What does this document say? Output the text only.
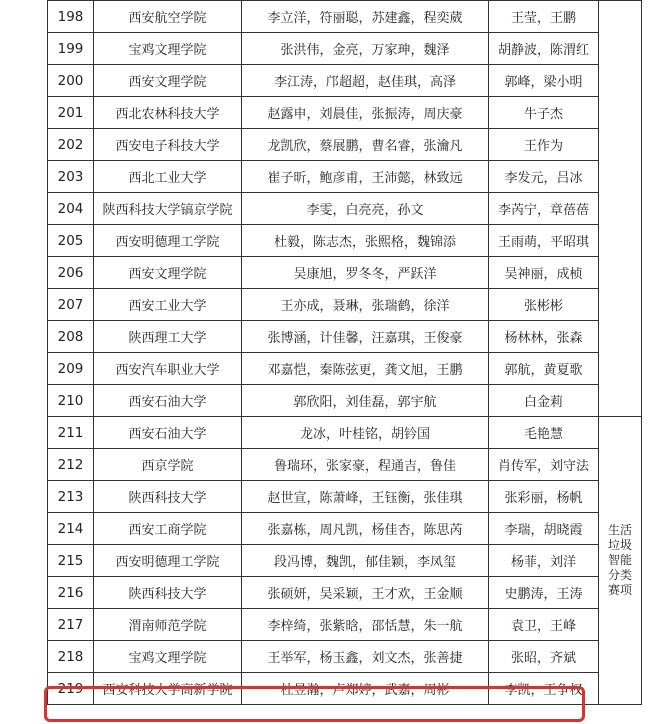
198	西安航空学院	李立洋，符丽聪，苏建鑫，程奕葳	王莹，王鹏	
199	宝鸡文理学院	张洪伟，金亮，万家珅，魏泽	胡静波，陈渭红	
200	西安文理学院	李江涛，邝超超，赵佳琪，高泽	郭峰，梁小明	
201	西北农林科技大学	赵露申，刘晨佳，张振涛，周庆豪	牛子杰	
202	西安电子科技大学	龙凯欣，蔡展鹏，曹名睿，张瀹凡	王作为	
203	西北工业大学	崔子昕，鲍彦甫，王沛懿，林致远	李发元，吕冰	
204	陕西科技大学镐京学院	李雯，白亮亮，孙文	李芮宁，章蓓蓓	
205	西安明德理工学院	杜毅，陈志杰，张熙格，魏锦添	王雨萌，平昭琪	
206	西安文理学院	吴康旭，罗冬冬，严跃洋	吴神丽，成桢	
207	西安工业大学	王亦成，聂琳，张瑞鹤，徐洋	张彬彬	
208	陕西理工大学	张博涵，计佳馨，汪嘉琪，王俊豪	杨林林，张森	
209	西安汽车职业大学	邓嘉恺，秦陈弦更，龚文旭，王鹏	郭航，黄夏歌	
210	西安石油大学	郭欣阳，刘佳磊，郭宇航	白金莉	
211	西安石油大学	龙冰，叶桂铭，胡钤国	毛艳慧	生活垃圾智能分类赛项

212	西京学院	鲁瑞环，张家豪，程通吉，鲁佳	肖传军，刘守法	
213	陕西科技大学	赵世宣，陈萧峰，王钰衡，张佳琪	张彩丽，杨帆	
214	西安工商学院	张嘉栋，周凡凯，杨佳杏，陈思芮	李瑞，胡晓霞	
215	西安明德理工学院	段冯博，魏凯，郁佳颖，李凤玺	杨菲，刘洋	
216	陕西科技大学	张硕妍，吴采颖，王才欢，王金顺	史鹏涛，王涛	
217	渭南师范学院	李梓绮，张紫晗，邵恬慧，朱一航	袁卫，王峰	
218	宝鸡文理学院	王举军，杨玉鑫，刘文杰，张善捷	张昭，齐斌	
219	西安科技大学高新学院	杜昱瀚，卢郑婷，武嘉，周彬	李凯，王争权	
